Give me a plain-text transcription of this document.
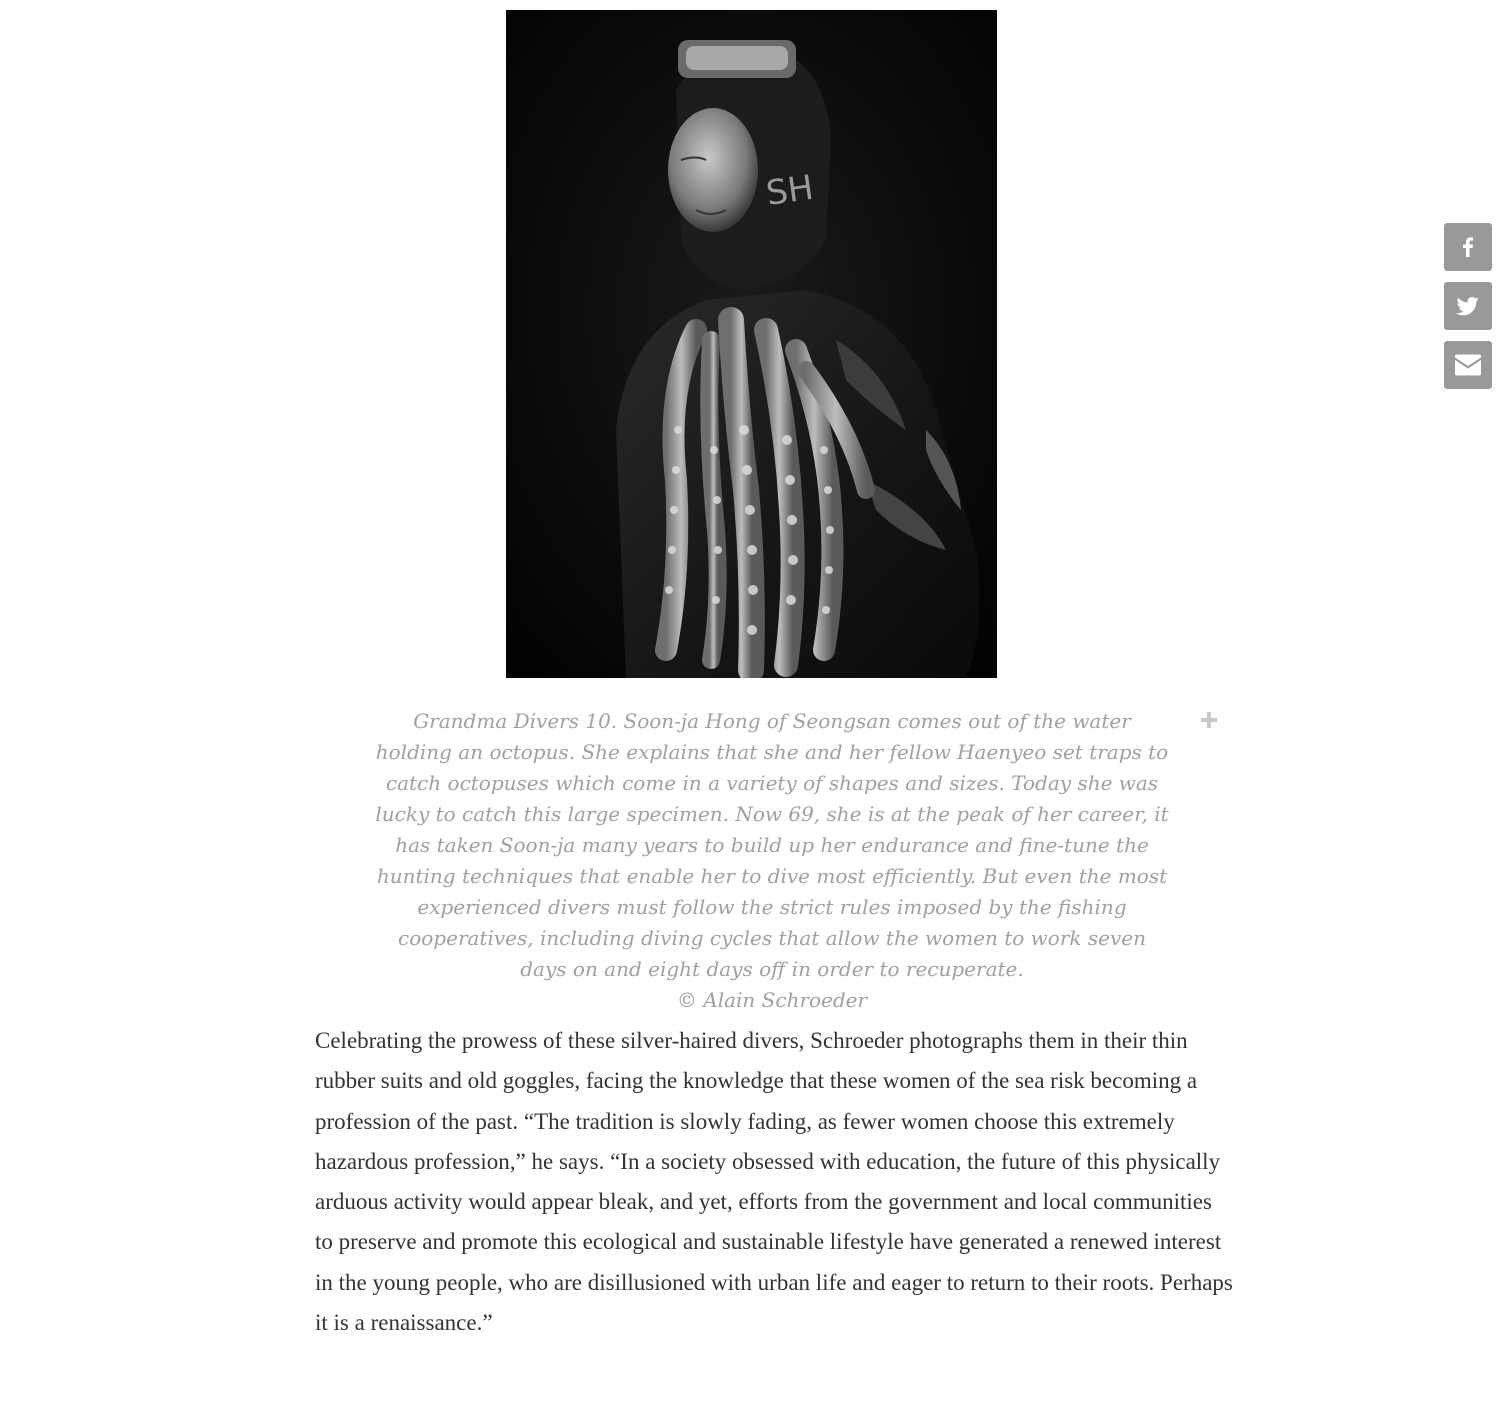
SH

Grandma Divers 10. Soon-ja Hong of Seongsan comes out of the water holding an octopus. She explains that she and her fellow Haenyeo set traps to catch octopuses which come in a variety of shapes and sizes. Today she was lucky to catch this large specimen. Now 69, she is at the peak of her career, it has taken Soon-ja many years to build up her endurance and fine-tune the hunting techniques that enable her to dive most efficiently. But even the most experienced divers must follow the strict rules imposed by the fishing cooperatives, including diving cycles that allow the women to work seven days on and eight days off in order to recuperate.
© Alain Schroeder

Celebrating the prowess of these silver-haired divers, Schroeder photographs them in their thin rubber suits and old goggles, facing the knowledge that these women of the sea risk becoming a profession of the past. “The tradition is slowly fading, as fewer women choose this extremely hazardous profession,” he says. “In a society obsessed with education, the future of this physically arduous activity would appear bleak, and yet, efforts from the government and local communities to preserve and promote this ecological and sustainable lifestyle have generated a renewed interest in the young people, who are disillusioned with urban life and eager to return to their roots. Perhaps it is a renaissance.”
